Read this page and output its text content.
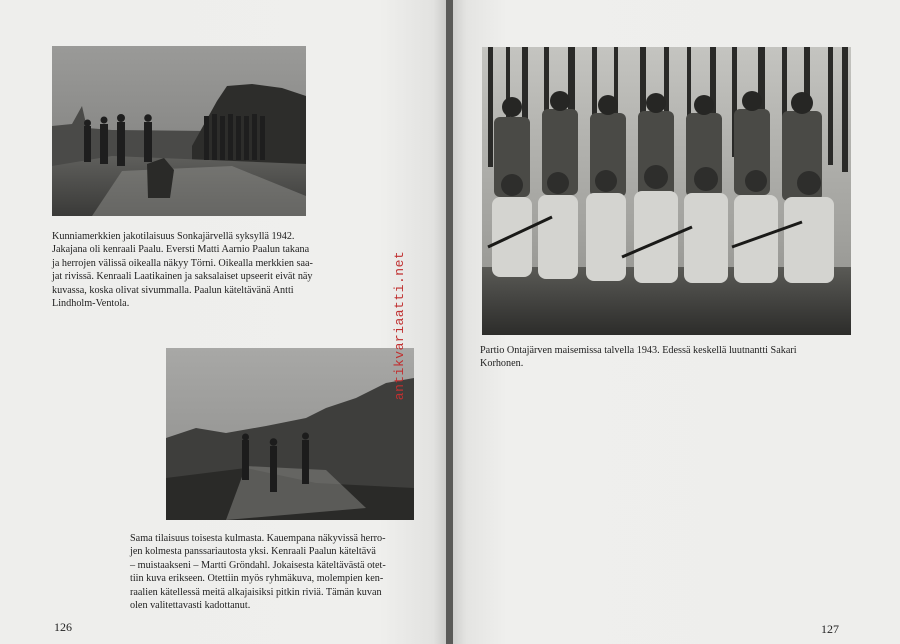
Kunniamerkkien jakotilaisuus Sonkajärvellä syksyllä 1942.
Jakajana oli kenraali Paalu. Eversti Matti Aarnio Paalun takana
ja herrojen välissä oikealla näkyy Törni. Oikealla merkkien saa-
jat rivissä. Kenraali Laatikainen ja saksalaiset upseerit eivät näy
kuvassa, koska olivat sivummalla. Paalun käteltävänä Antti
Lindholm-Ventola.
Sama tilaisuus toisesta kulmasta. Kauempana näkyvissä herro-
jen kolmesta panssariautosta yksi. Kenraali Paalun käteltävä
– muistaakseni – Martti Gröndahl. Jokaisesta käteltävästä otet-
tiin kuva erikseen. Otettiin myös ryhmäkuva, molempien ken-
raalien kätellessä meitä alkajaisiksi pitkin riviä. Tämän kuvan
olen valitettavasti kadottanut.
126
Partio Ontajärven maisemissa talvella 1943. Edessä keskellä luutnantti Sakari
Korhonen.
127
antikvariaatti.net
